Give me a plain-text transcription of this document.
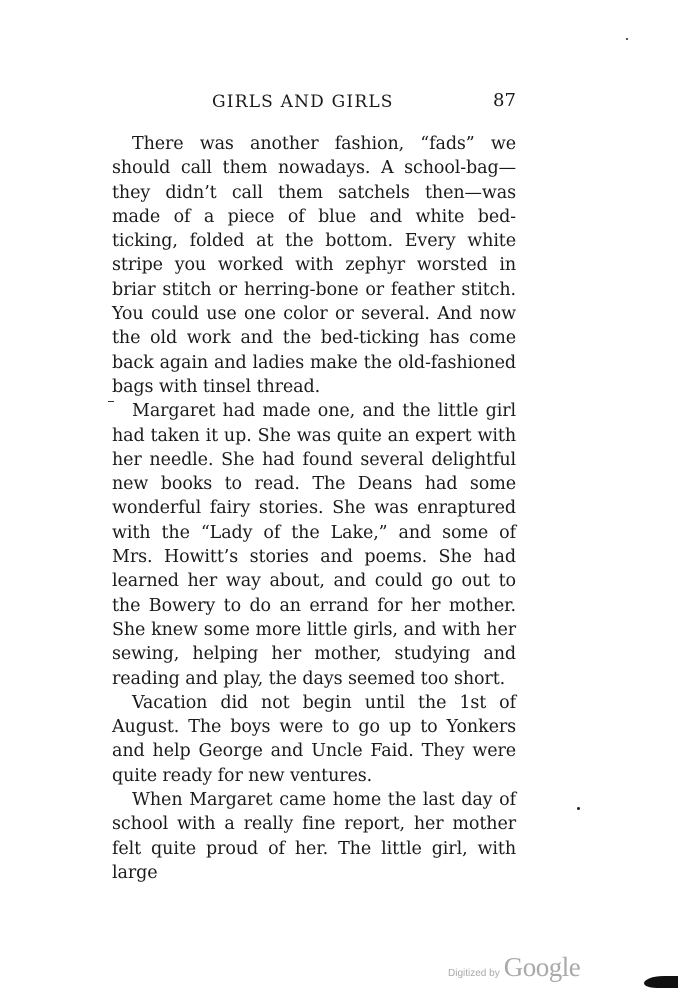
GIRLS AND GIRLS	87

There was another fashion, “fads” we should call them nowadays. A school-bag—they didn’t call them satchels then—was made of a piece of blue and white bed-ticking, folded at the bottom. Every white stripe you worked with zephyr worsted in briar stitch or herring-bone or feather stitch. You could use one color or several. And now the old work and the bed-ticking has come back again and ladies make the old-fashioned bags with tinsel thread.

Margaret had made one, and the little girl had taken it up. She was quite an expert with her needle. She had found several delightful new books to read. The Deans had some wonderful fairy stories. She was enraptured with the “Lady of the Lake,” and some of Mrs. Howitt’s stories and poems. She had learned her way about, and could go out to the Bowery to do an errand for her mother. She knew some more little girls, and with her sewing, helping her mother, studying and reading and play, the days seemed too short.

Vacation did not begin until the 1st of August. The boys were to go up to Yonkers and help George and Uncle Faid. They were quite ready for new ventures.

When Margaret came home the last day of school with a really fine report, her mother felt quite proud of her. The little girl, with large

Digitized by Google
